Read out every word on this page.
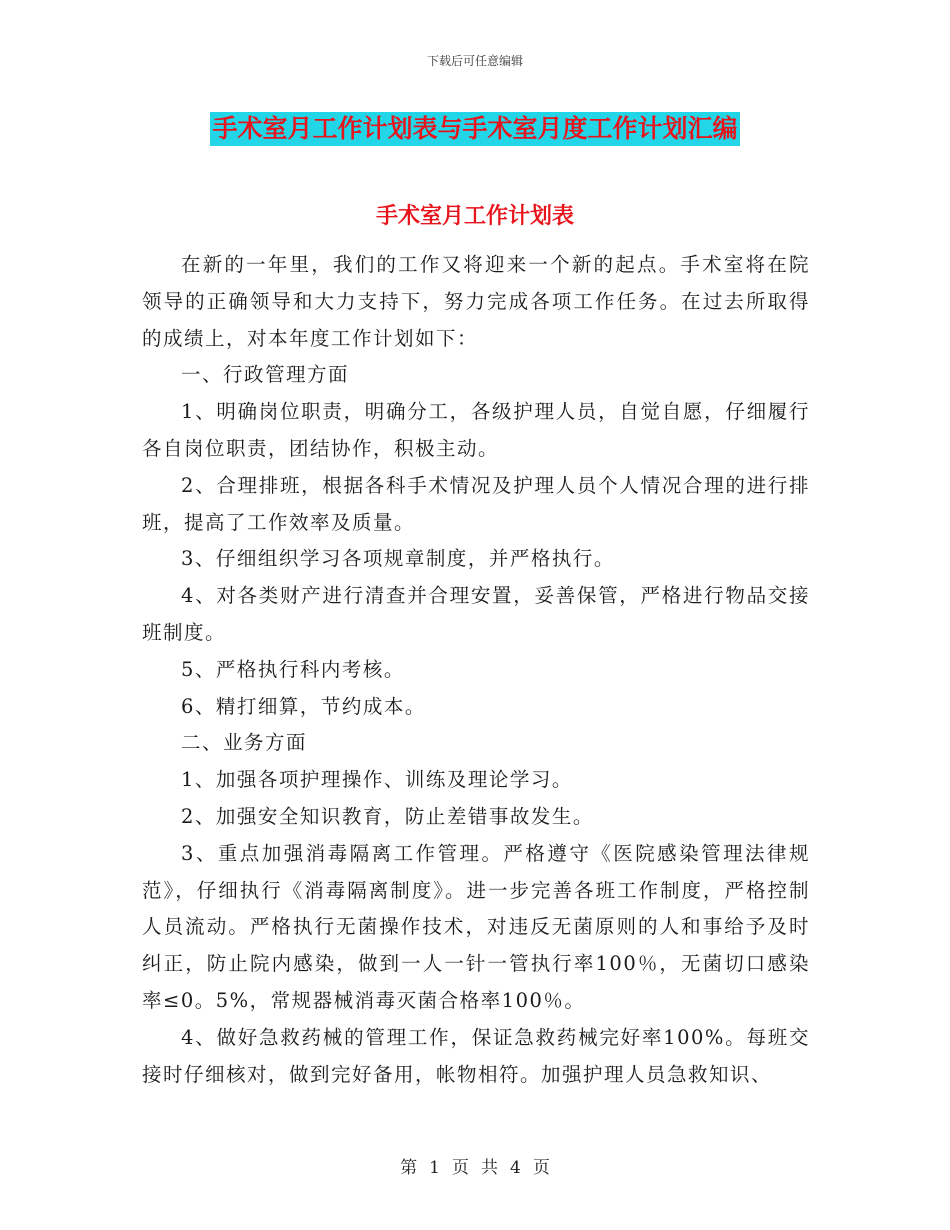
下载后可任意编辑
手术室月工作计划表与手术室月度工作计划汇编
手术室月工作计划表

在新的一年里，我们的工作又将迎来一个新的起点。手术室将在院领导的正确领导和大力支持下，努力完成各项工作任务。在过去所取得的成绩上，对本年度工作计划如下：

一、行政管理方面

1、明确岗位职责，明确分工，各级护理人员，自觉自愿，仔细履行各自岗位职责，团结协作，积极主动。

2、合理排班，根据各科手术情况及护理人员个人情况合理的进行排班，提高了工作效率及质量。

3、仔细组织学习各项规章制度，并严格执行。

4、对各类财产进行清查并合理安置，妥善保管，严格进行物品交接班制度。

5、严格执行科内考核。

6、精打细算，节约成本。

二、业务方面

1、加强各项护理操作、训练及理论学习。

2、加强安全知识教育，防止差错事故发生。

3、重点加强消毒隔离工作管理。严格遵守《医院感染管理法律规范》，仔细执行《消毒隔离制度》。进一步完善各班工作制度，严格控制人员流动。严格执行无菌操作技术，对违反无菌原则的人和事给予及时纠正，防止院内感染，做到一人一针一管执行率100％，无菌切口感染率≤0。5%，常规器械消毒灭菌合格率100％。

4、做好急救药械的管理工作，保证急救药械完好率100%。每班交接时仔细核对，做到完好备用，帐物相符。加强护理人员急救知识、

第 1 页 共 4 页
